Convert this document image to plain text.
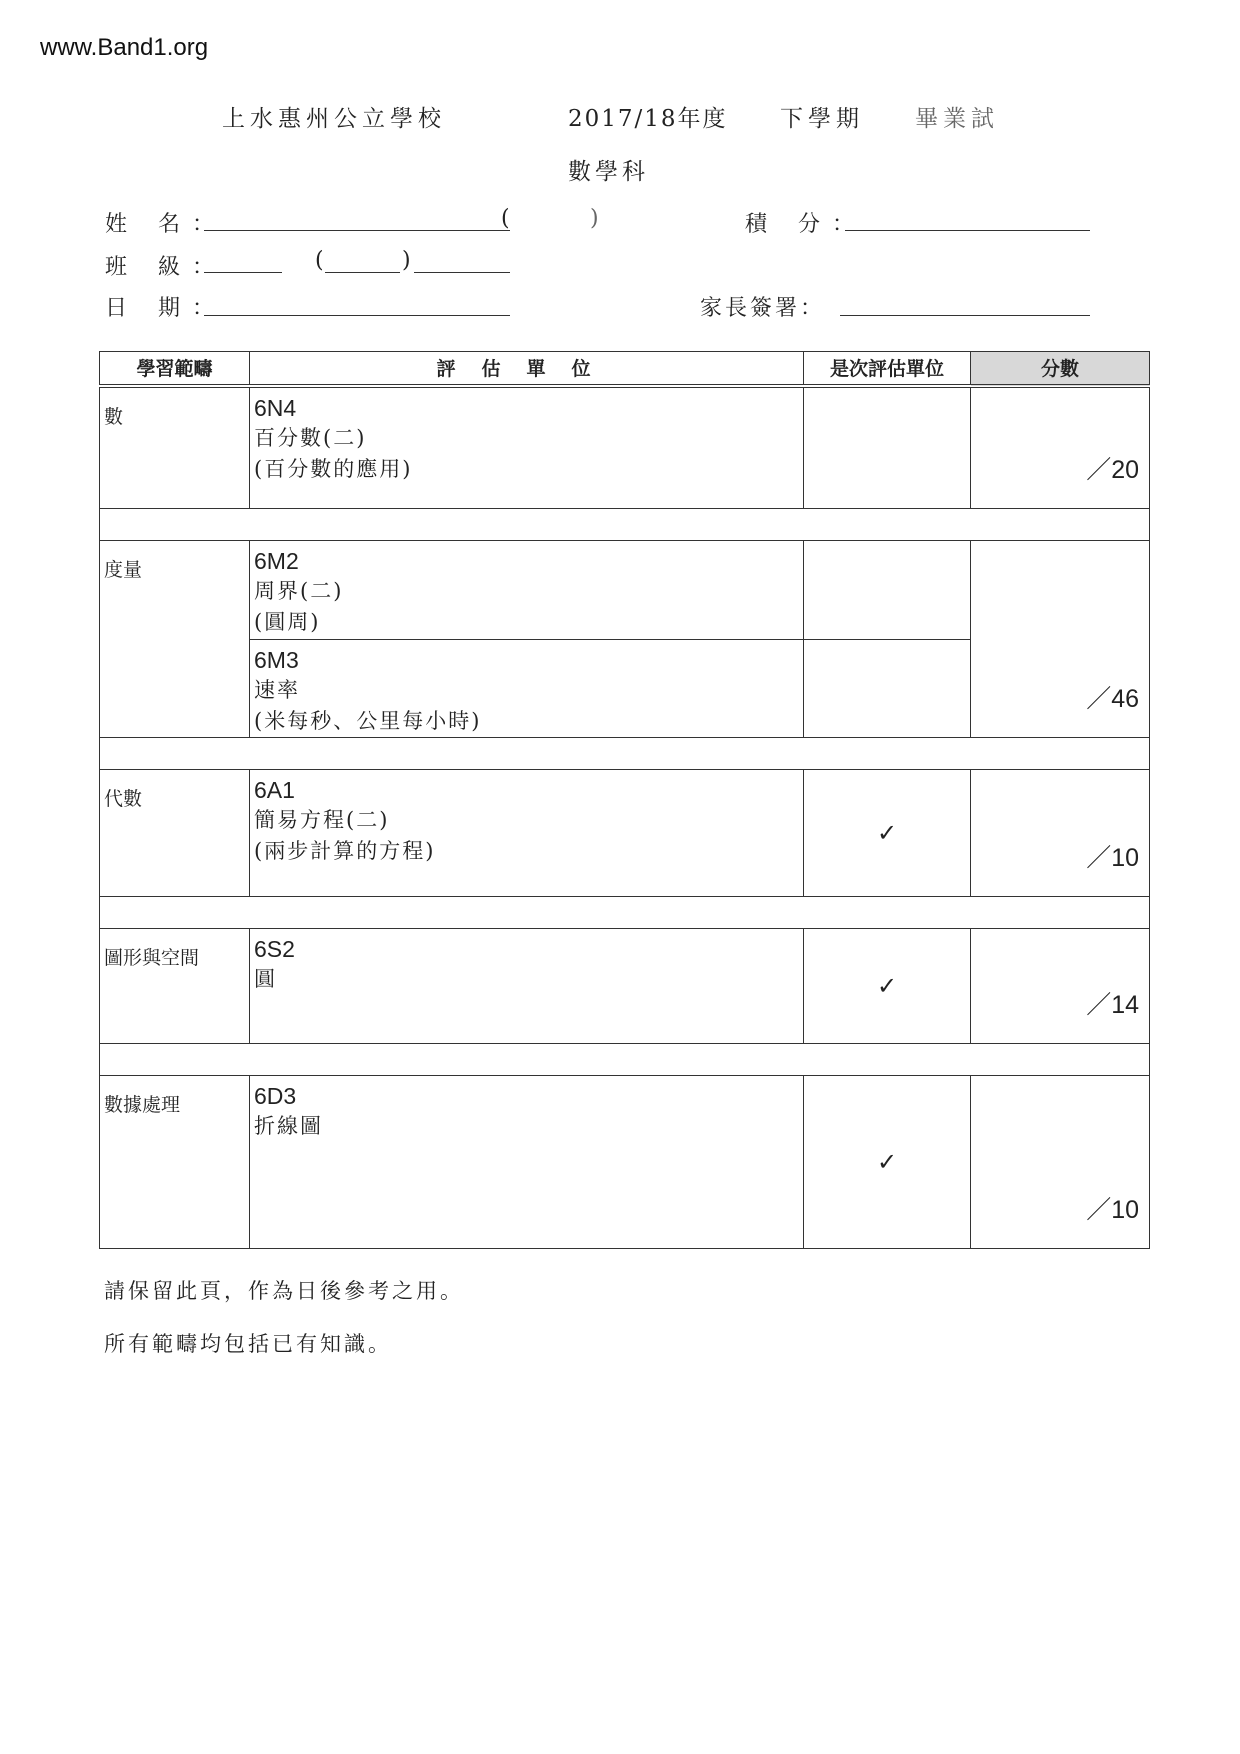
www.Band1.org
上水惠州公立學校	2017/18年度 下學期 畢業試
數學科
姓 名：	(	)	積 分：
班 級：	(	)
日 期：	家長簽署：
學習範疇	評估單位	是次評估單位	分數
數	6N4
百分數(二)
(百分數的應用)		／20

度量	6M2
周界(二)
(圓周)		／46

	6M3
速率
(米每秒、公里每小時)		

代數	6A1
簡易方程(二)
(兩步計算的方程)	✓	／10

圖形與空間	6S2
圓	✓	／14

數據處理	6D3
折線圖	✓	／10
請保留此頁，作為日後參考之用。
所有範疇均包括已有知識。
